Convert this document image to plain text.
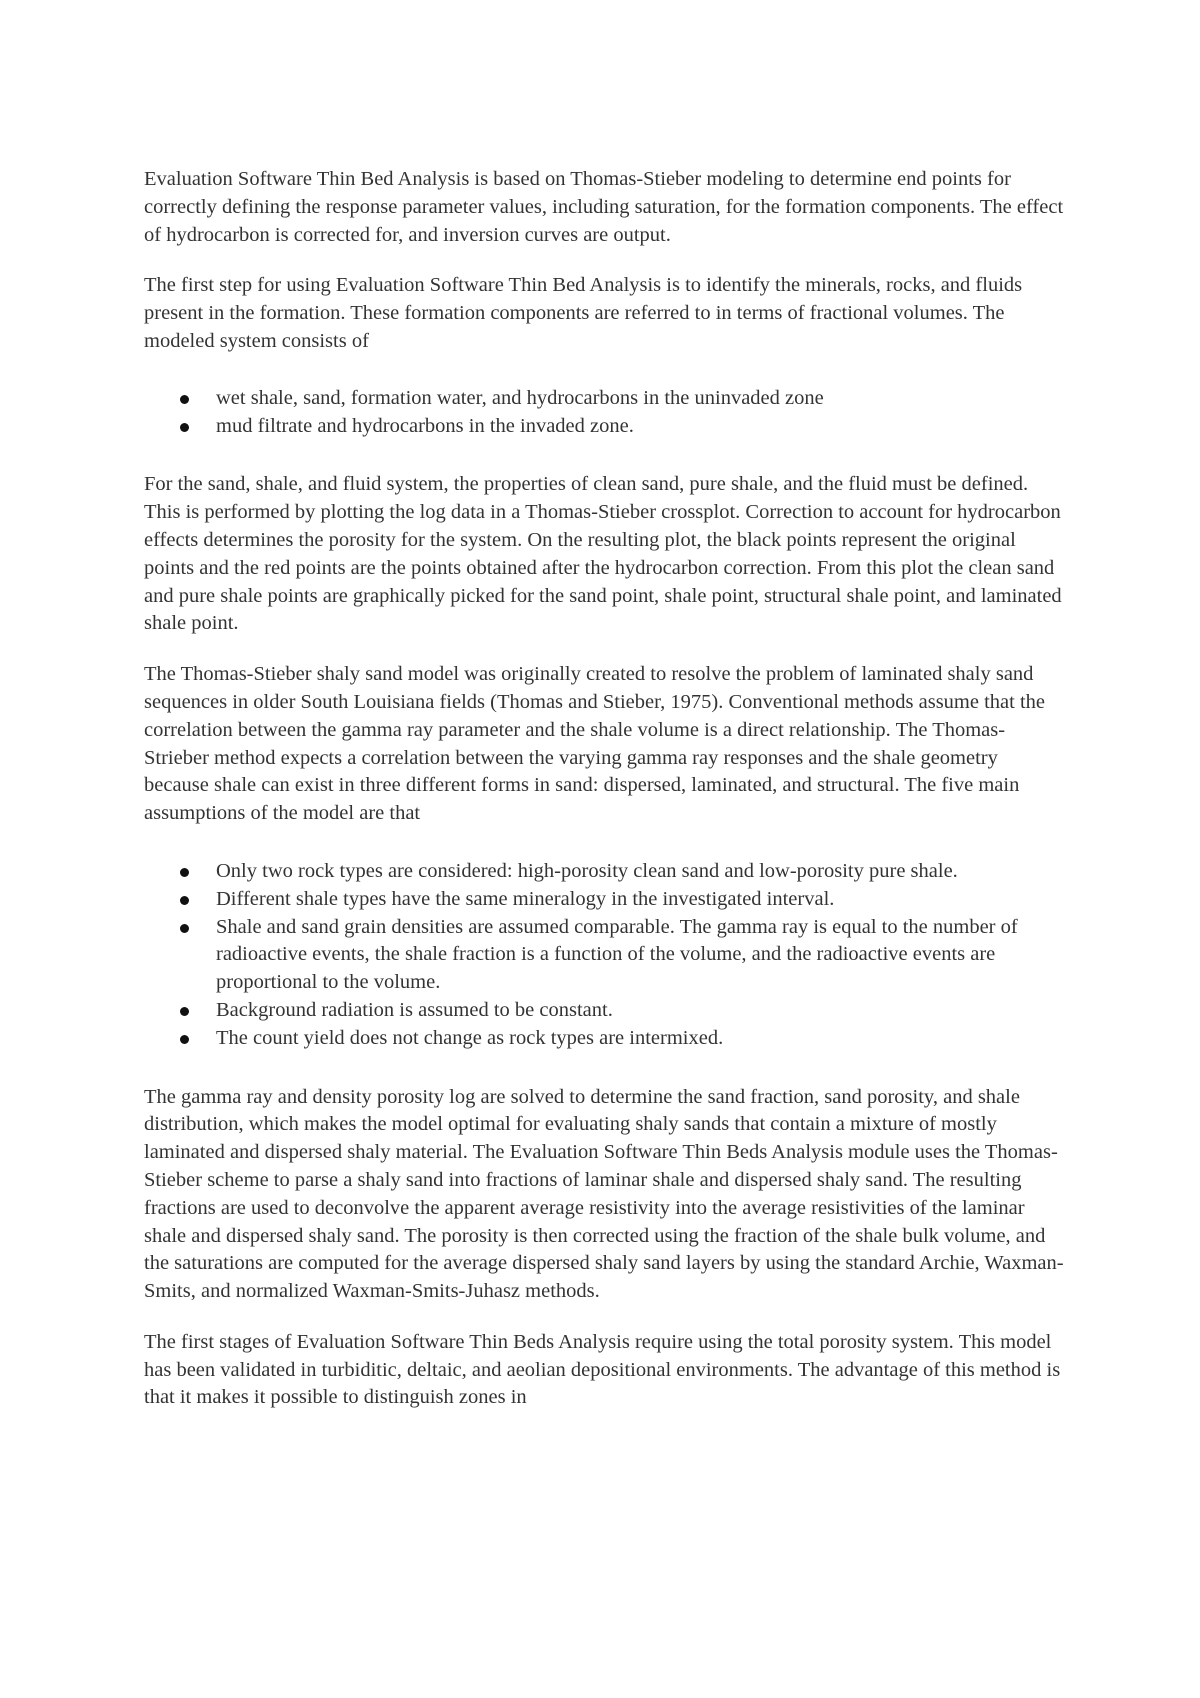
Evaluation Software Thin Bed Analysis is based on Thomas-Stieber modeling to determine end points for correctly defining the response parameter values, including saturation, for the formation components. The effect of hydrocarbon is corrected for, and inversion curves are output.

The first step for using Evaluation Software Thin Bed Analysis is to identify the minerals, rocks, and fluids present in the formation. These formation components are referred to in terms of fractional volumes. The modeled system consists of

wet shale, sand, formation water, and hydrocarbons in the uninvaded zone
mud filtrate and hydrocarbons in the invaded zone.

For the sand, shale, and fluid system, the properties of clean sand, pure shale, and the fluid must be defined. This is performed by plotting the log data in a Thomas-Stieber crossplot. Correction to account for hydrocarbon effects determines the porosity for the system. On the resulting plot, the black points represent the original points and the red points are the points obtained after the hydrocarbon correction. From this plot the clean sand and pure shale points are graphically picked for the sand point, shale point, structural shale point, and laminated shale point.

The Thomas-Stieber shaly sand model was originally created to resolve the problem of laminated shaly sand sequences in older South Louisiana fields (Thomas and Stieber, 1975). Conventional methods assume that the correlation between the gamma ray parameter and the shale volume is a direct relationship. The Thomas-Strieber method expects a correlation between the varying gamma ray responses and the shale geometry because shale can exist in three different forms in sand: dispersed, laminated, and structural. The five main assumptions of the model are that

Only two rock types are considered: high-porosity clean sand and low-porosity pure shale.
Different shale types have the same mineralogy in the investigated interval.
Shale and sand grain densities are assumed comparable. The gamma ray is equal to the number of radioactive events, the shale fraction is a function of the volume, and the radioactive events are proportional to the volume.
Background radiation is assumed to be constant.
The count yield does not change as rock types are intermixed.

The gamma ray and density porosity log are solved to determine the sand fraction, sand porosity, and shale distribution, which makes the model optimal for evaluating shaly sands that contain a mixture of mostly laminated and dispersed shaly material. The Evaluation Software Thin Beds Analysis module uses the Thomas-Stieber scheme to parse a shaly sand into fractions of laminar shale and dispersed shaly sand. The resulting fractions are used to deconvolve the apparent average resistivity into the average resistivities of the laminar shale and dispersed shaly sand. The porosity is then corrected using the fraction of the shale bulk volume, and the saturations are computed for the average dispersed shaly sand layers by using the standard Archie, Waxman-Smits, and normalized Waxman-Smits-Juhasz methods.

The first stages of Evaluation Software Thin Beds Analysis require using the total porosity system. This model has been validated in turbiditic, deltaic, and aeolian depositional environments. The advantage of this method is that it makes it possible to distinguish zones in
